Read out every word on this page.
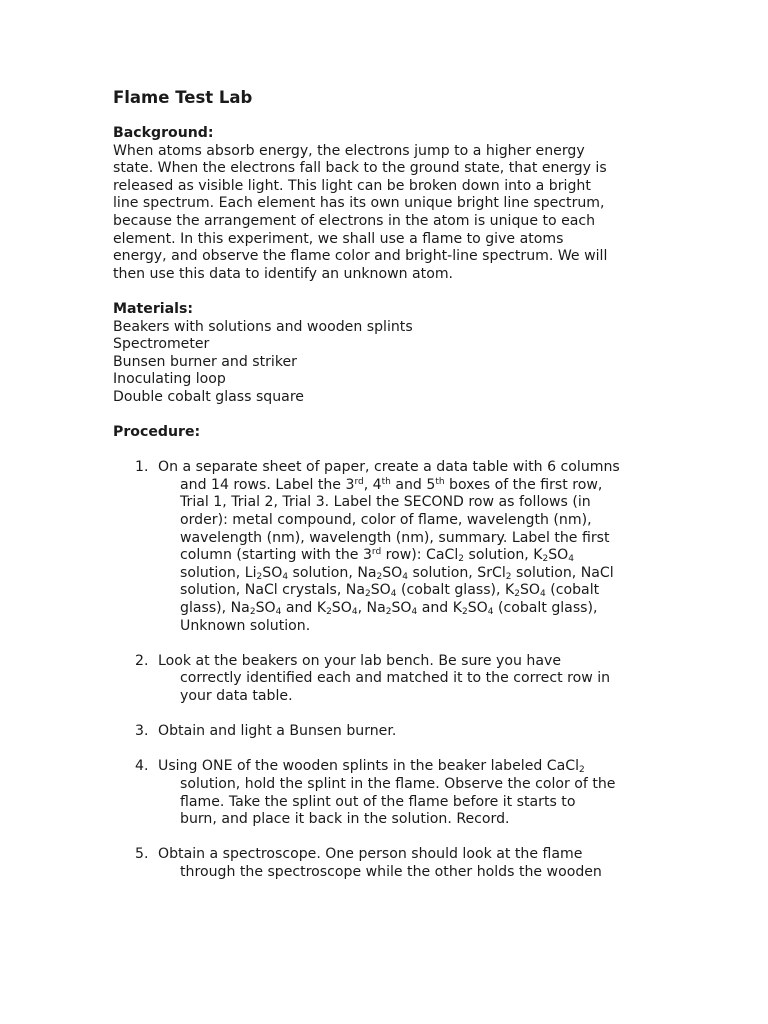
Flame Test Lab

Background:

When atoms absorb energy, the electrons jump to a higher energy
state. When the electrons fall back to the ground state, that energy is
released as visible light. This light can be broken down into a bright
line spectrum. Each element has its own unique bright line spectrum,
because the arrangement of electrons in the atom is unique to each
element. In this experiment, we shall use a flame to give atoms
energy, and observe the flame color and bright-line spectrum. We will
then use this data to identify an unknown atom.

Materials:

Beakers with solutions and wooden splints
Spectrometer
Bunsen burner and striker
Inoculating loop
Double cobalt glass square

Procedure:

1. On a separate sheet of paper, create a data table with 6 columns
and 14 rows. Label the 3rd, 4th and 5th boxes of the first row,
Trial 1, Trial 2, Trial 3. Label the SECOND row as follows (in
order): metal compound, color of flame, wavelength (nm),
wavelength (nm), wavelength (nm), summary. Label the first
column (starting with the 3rd row): CaCl$_2$ solution, $K_2SO_4$
solution, $Li_2SO_4$ solution, $Na_2SO_4$ solution, SrCl$_2$ solution, NaCl
solution, NaCl crystals, $Na_2SO_4$ (cobalt glass), $K_2SO_4$ (cobalt
glass), $Na_2SO_4$ and $K_2SO_4$, $Na_2SO_4$ and $K_2SO_4$ (cobalt glass),
Unknown solution.
2. Look at the beakers on your lab bench. Be sure you have
correctly identified each and matched it to the correct row in
your data table.
3. Obtain and light a Bunsen burner.
4. Using ONE of the wooden splints in the beaker labeled CaCl$_2$
solution, hold the splint in the flame. Observe the color of the
flame. Take the splint out of the flame before it starts to
burn, and place it back in the solution. Record.
5. Obtain a spectroscope. One person should look at the flame
through the spectroscope while the other holds the wooden
